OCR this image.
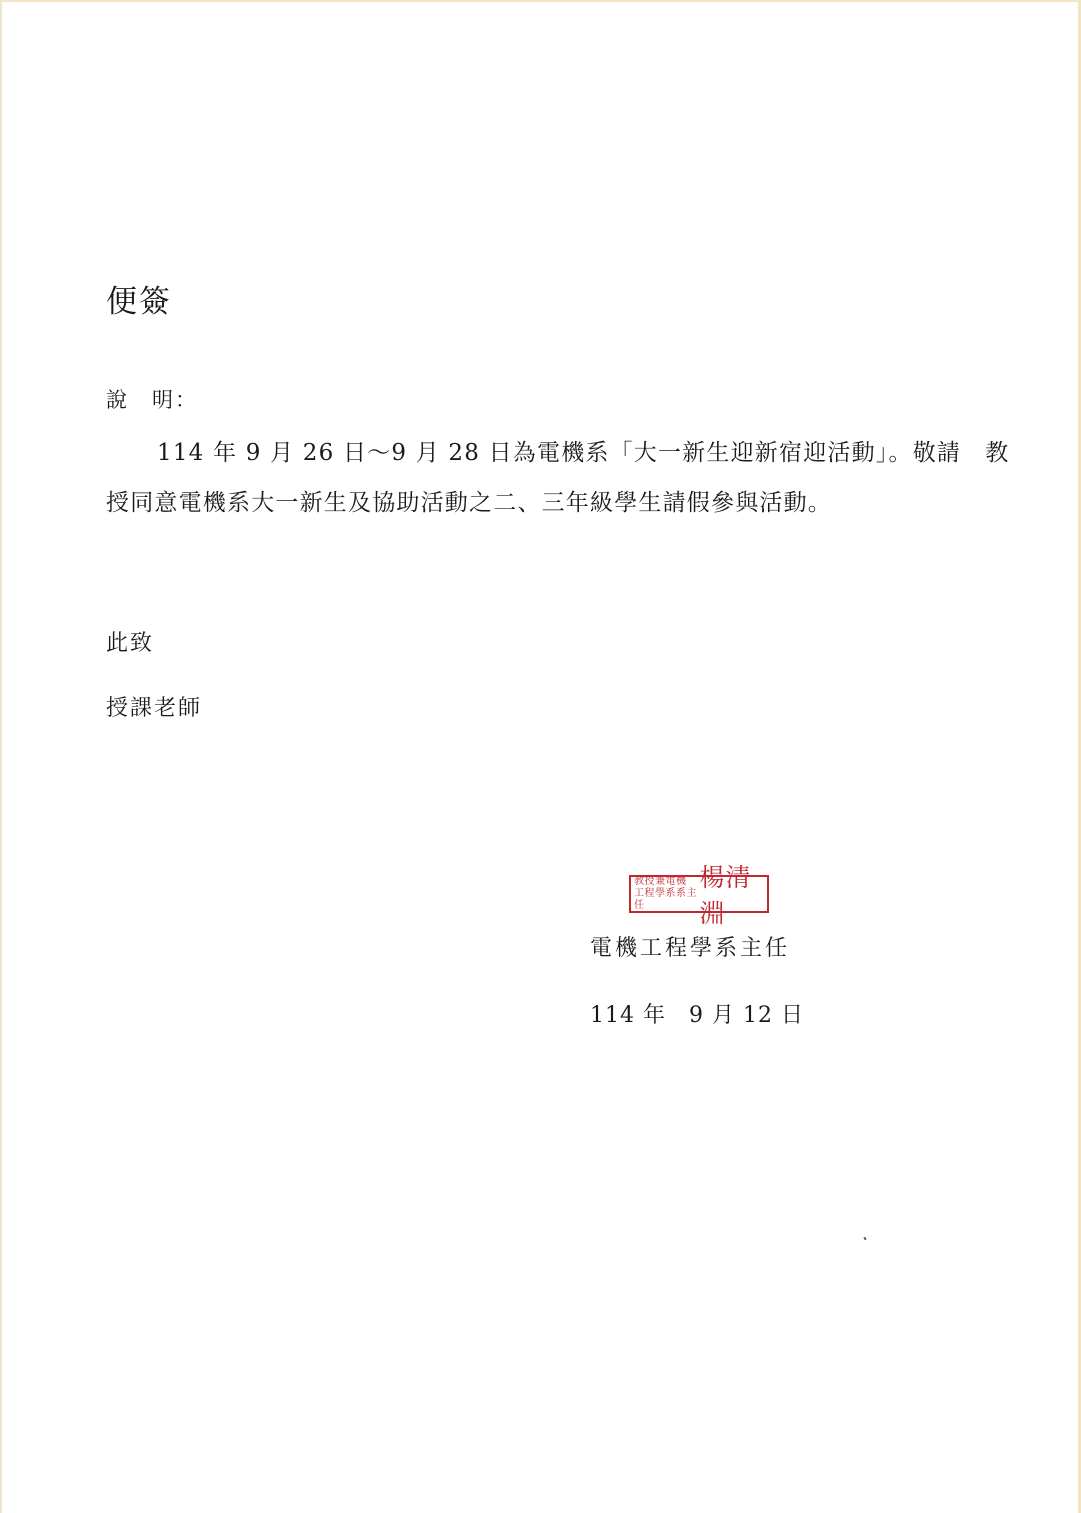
便簽
說　明：
114 年 9 月 26 日～9 月 28 日為電機系「大一新生迎新宿迎活動」。敬請　教
授同意電機系大一新生及協助活動之二、三年級學生請假參與活動。
此致
授課老師
教授兼電機
工程學系系主任
楊清淵
電機工程學系主任
114 年　9 月 12 日
